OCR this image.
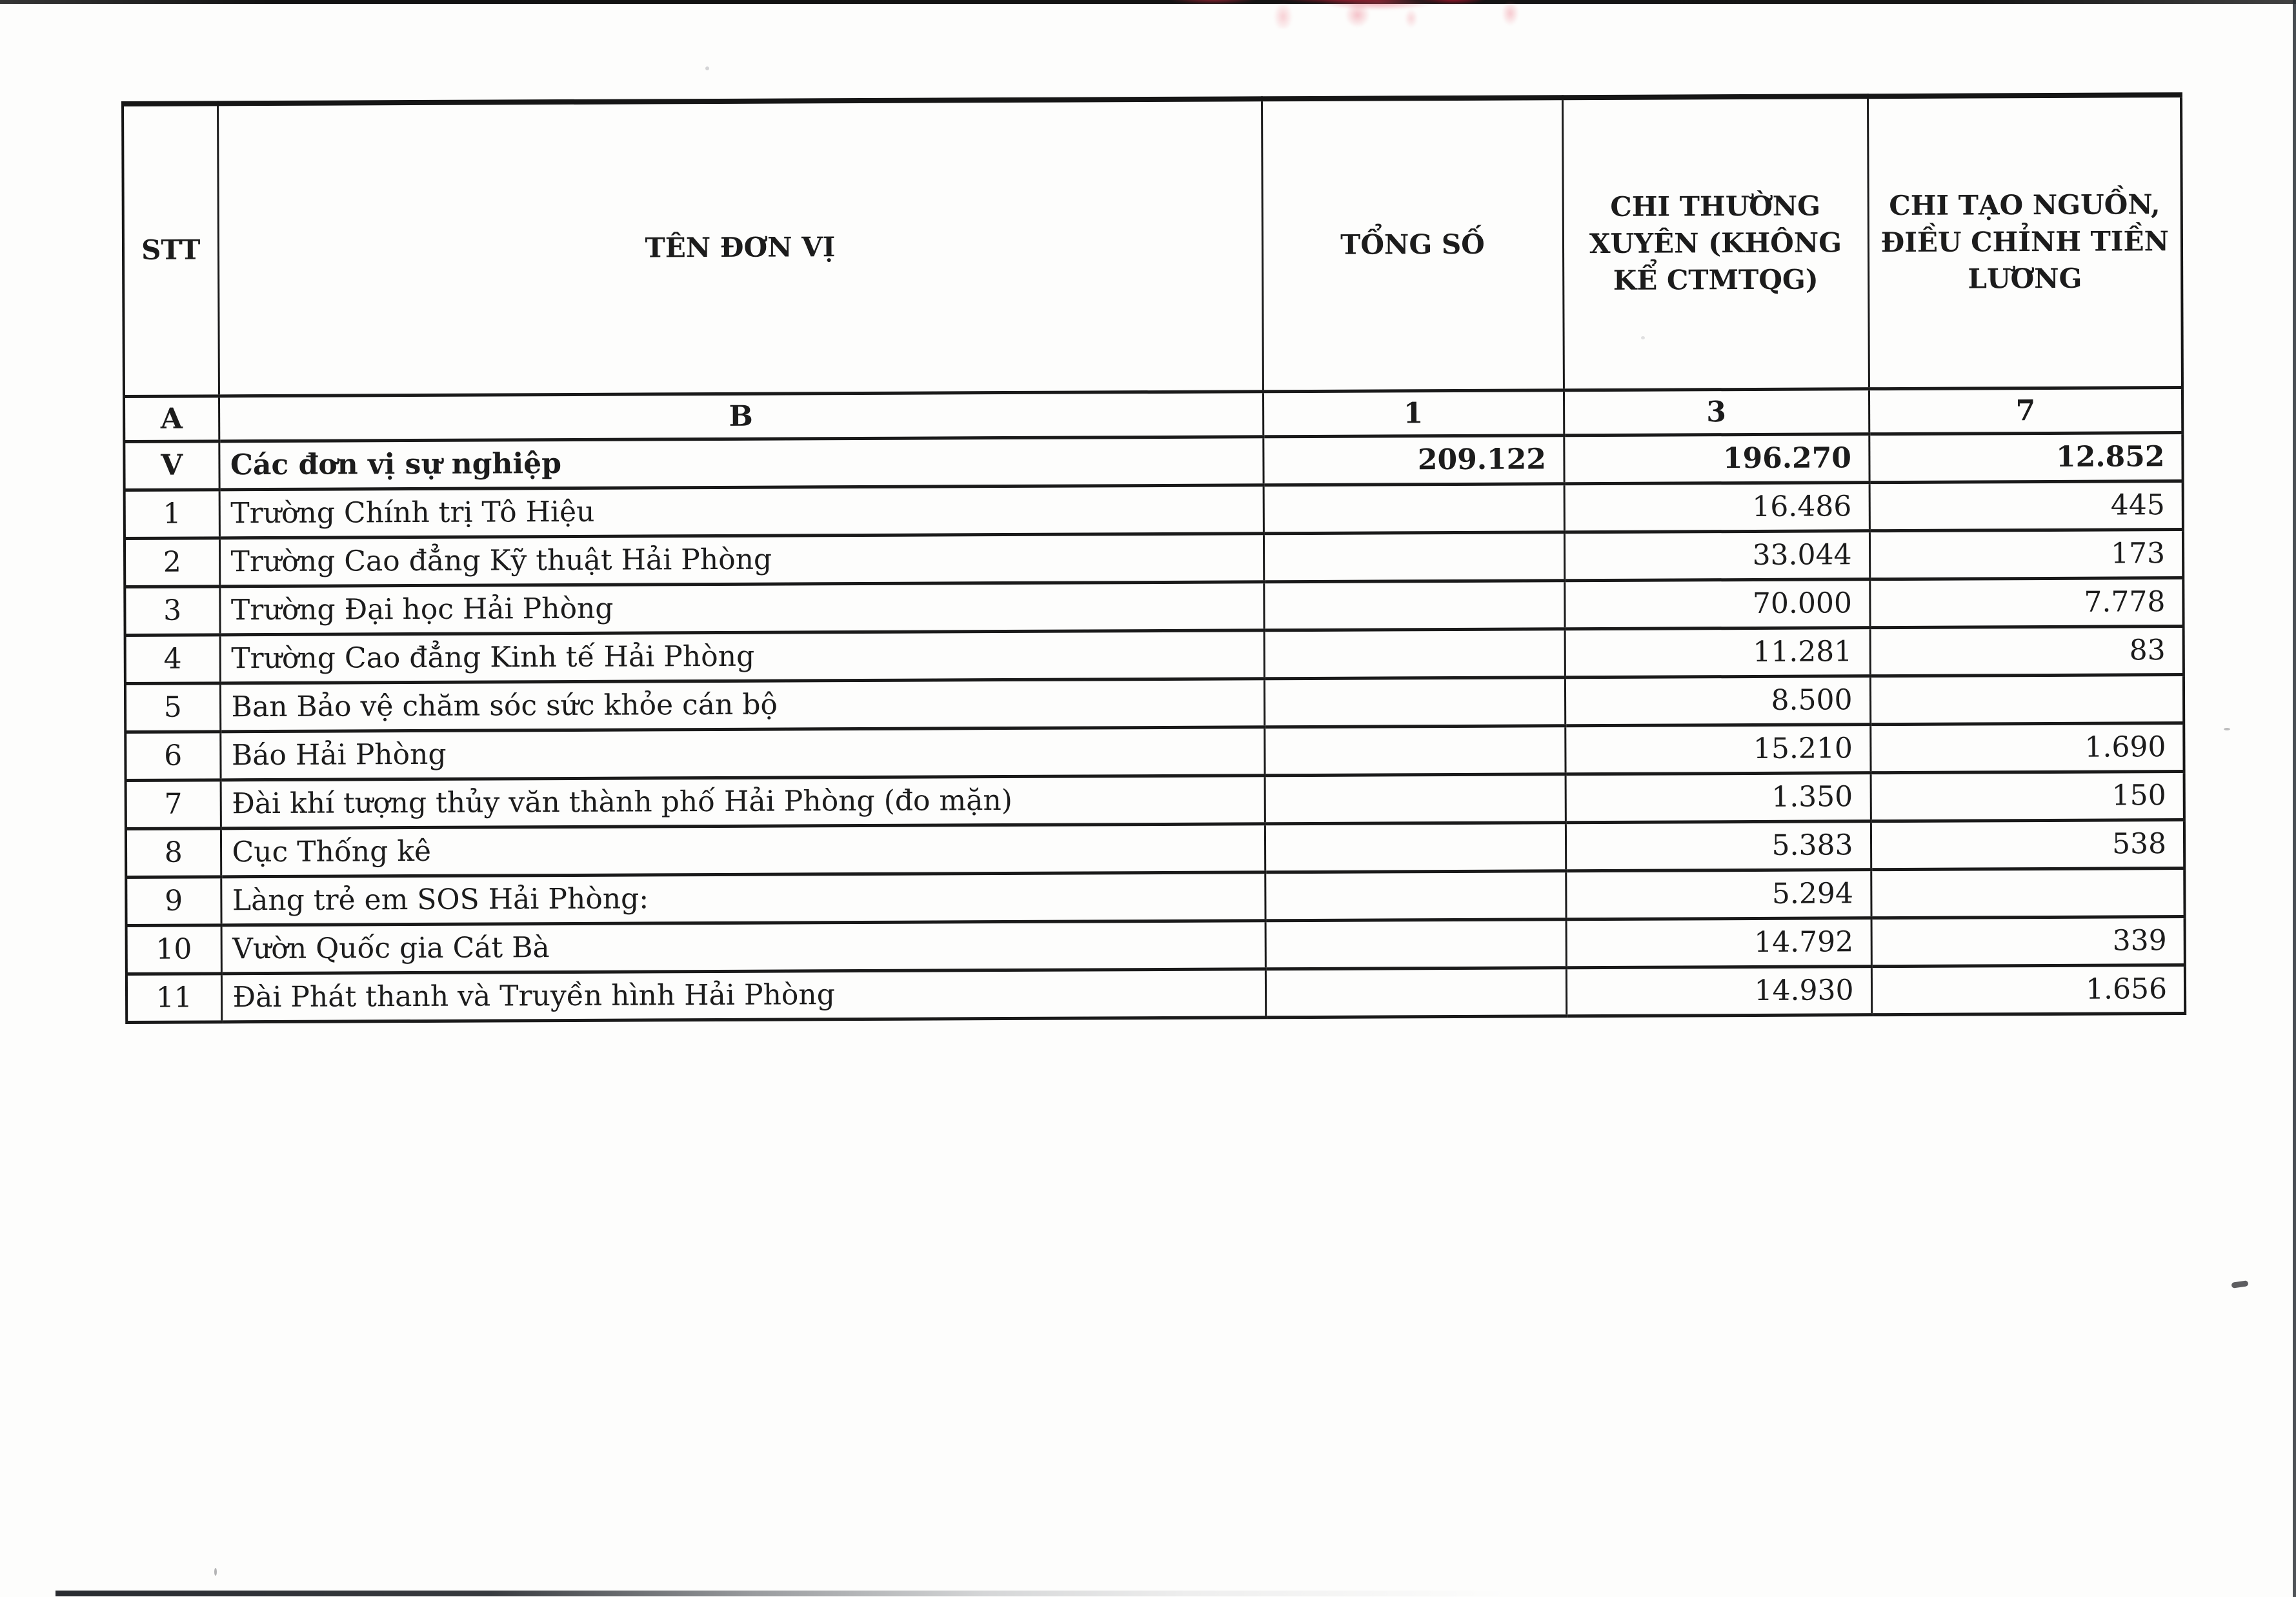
STT	TÊN ĐƠN VỊ	TỔNG SỐ	CHI THƯỜNG XUYÊN (KHÔNG KỂ CTMTQG)	CHI TẠO NGUỒN, ĐIỀU CHỈNH TIỀN LƯƠNG
A	B	1	3	7
V	Các đơn vị sự nghiệp	209.122	196.270	12.852
1	Trường Chính trị Tô Hiệu		16.486	445
2	Trường Cao đẳng Kỹ thuật Hải Phòng		33.044	173
3	Trường Đại học Hải Phòng		70.000	7.778
4	Trường Cao đẳng Kinh tế Hải Phòng		11.281	83
5	Ban Bảo vệ chăm sóc sức khỏe cán bộ		8.500	
6	Báo Hải Phòng		15.210	1.690
7	Đài khí tượng thủy văn thành phố Hải Phòng (đo mặn)		1.350	150
8	Cục Thống kê		5.383	538
9	Làng trẻ em SOS Hải Phòng:		5.294	
10	Vườn Quốc gia Cát Bà		14.792	339
11	Đài Phát thanh và Truyền hình Hải Phòng		14.930	1.656
